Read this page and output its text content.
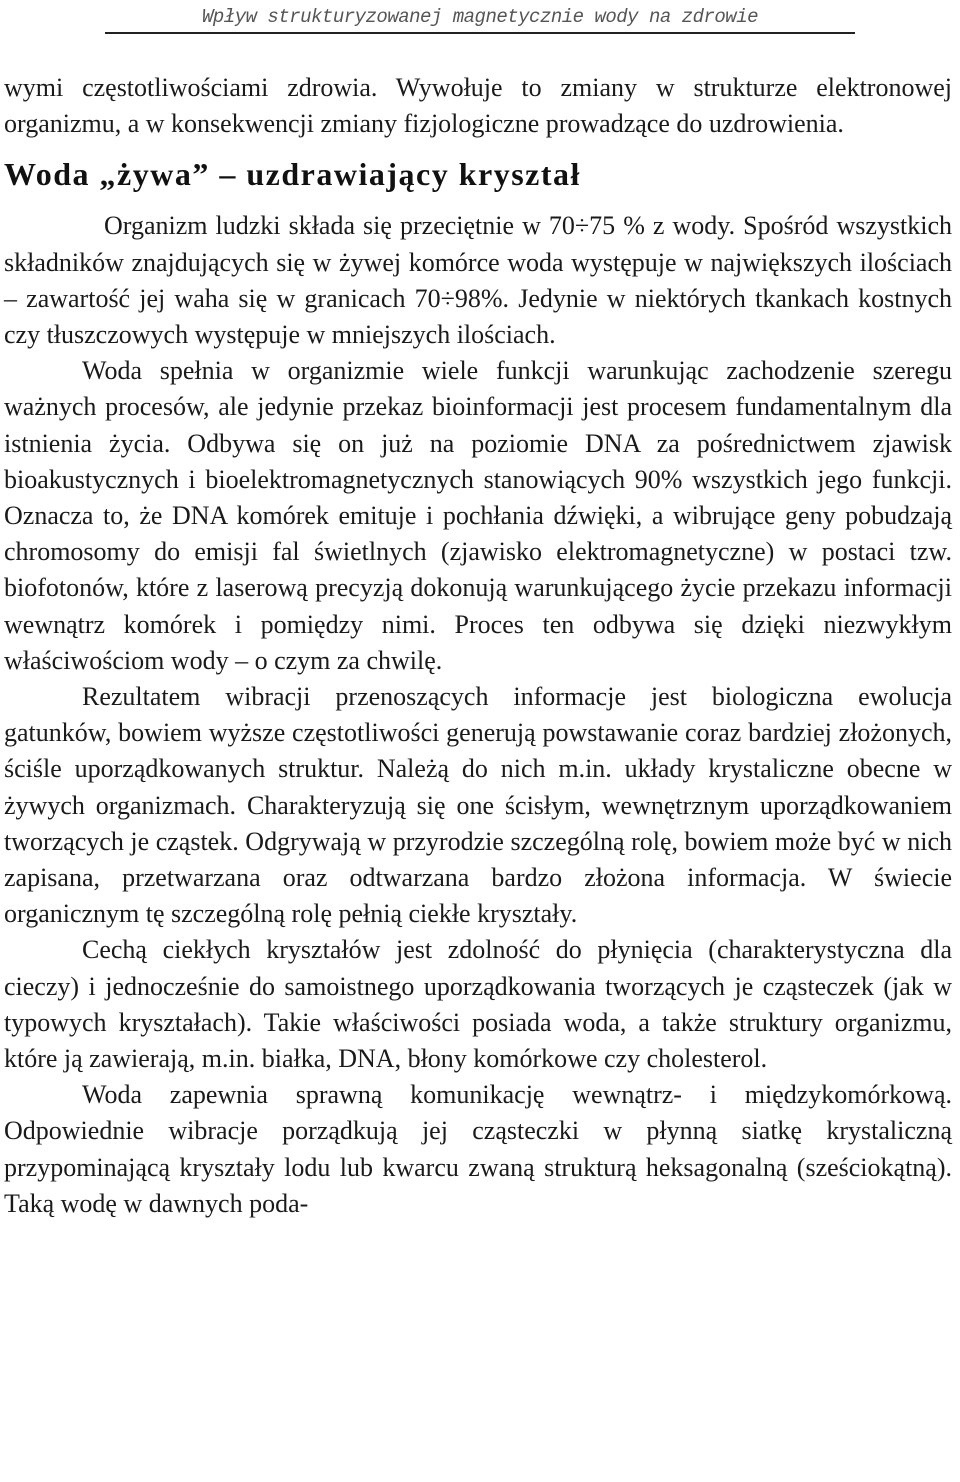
Wpływ strukturyzowanej magnetycznie wody na zdrowie

wymi częstotliwościami zdrowia. Wywołuje to zmiany w strukturze elektronowej organizmu, a w konsekwencji zmiany fizjologiczne prowadzące do uzdrowienia.

Woda „żywa” – uzdrawiający kryształ

Organizm ludzki składa się przeciętnie w 70÷75 % z wody. Spośród wszystkich składników znajdujących się w żywej komórce woda występuje w największych ilościach – zawartość jej waha się w granicach 70÷98%. Jedynie w niektórych tkankach kostnych czy tłuszczowych występuje w mniejszych ilościach.

Woda spełnia w organizmie wiele funkcji warunkując zachodzenie szeregu ważnych procesów, ale jedynie przekaz bioinformacji jest procesem fundamentalnym dla istnienia życia. Odbywa się on już na poziomie DNA za pośrednictwem zjawisk bioakustycznych i bioelektromagnetycznych stanowiących 90% wszystkich jego funkcji. Oznacza to, że DNA komórek emituje i pochłania dźwięki, a wibrujące geny pobudzają chromosomy do emisji fal świetlnych (zjawisko elektromagnetyczne) w postaci tzw. biofotonów, które z laserową precyzją dokonują warunkującego życie przekazu informacji wewnątrz komórek i pomiędzy nimi. Proces ten odbywa się dzięki niezwykłym właściwościom wody – o czym za chwilę.

Rezultatem wibracji przenoszących informacje jest biologiczna ewolucja gatunków, bowiem wyższe częstotliwości generują powstawanie coraz bardziej złożonych, ściśle uporządkowanych struktur. Należą do nich m.in. układy krystaliczne obecne w żywych organizmach. Charakteryzują się one ścisłym, wewnętrznym uporządkowaniem tworzących je cząstek. Odgrywają w przyrodzie szczególną rolę, bowiem może być w nich zapisana, przetwarzana oraz odtwarzana bardzo złożona informacja. W świecie organicznym tę szczególną rolę pełnią ciekłe kryształy.

Cechą ciekłych kryształów jest zdolność do płynięcia (charakterystyczna dla cieczy) i jednocześnie do samoistnego uporządkowania tworzących je cząsteczek (jak w typowych kryształach). Takie właściwości posiada woda, a także struktury organizmu, które ją zawierają, m.in. białka, DNA, błony komórkowe czy cholesterol.

Woda zapewnia sprawną komunikację wewnątrz- i międzykomórkową. Odpowiednie wibracje porządkują jej cząsteczki w płynną siatkę krystaliczną przypominającą kryształy lodu lub kwarcu zwaną strukturą heksagonalną (sześciokątną). Taką wodę w dawnych poda-
